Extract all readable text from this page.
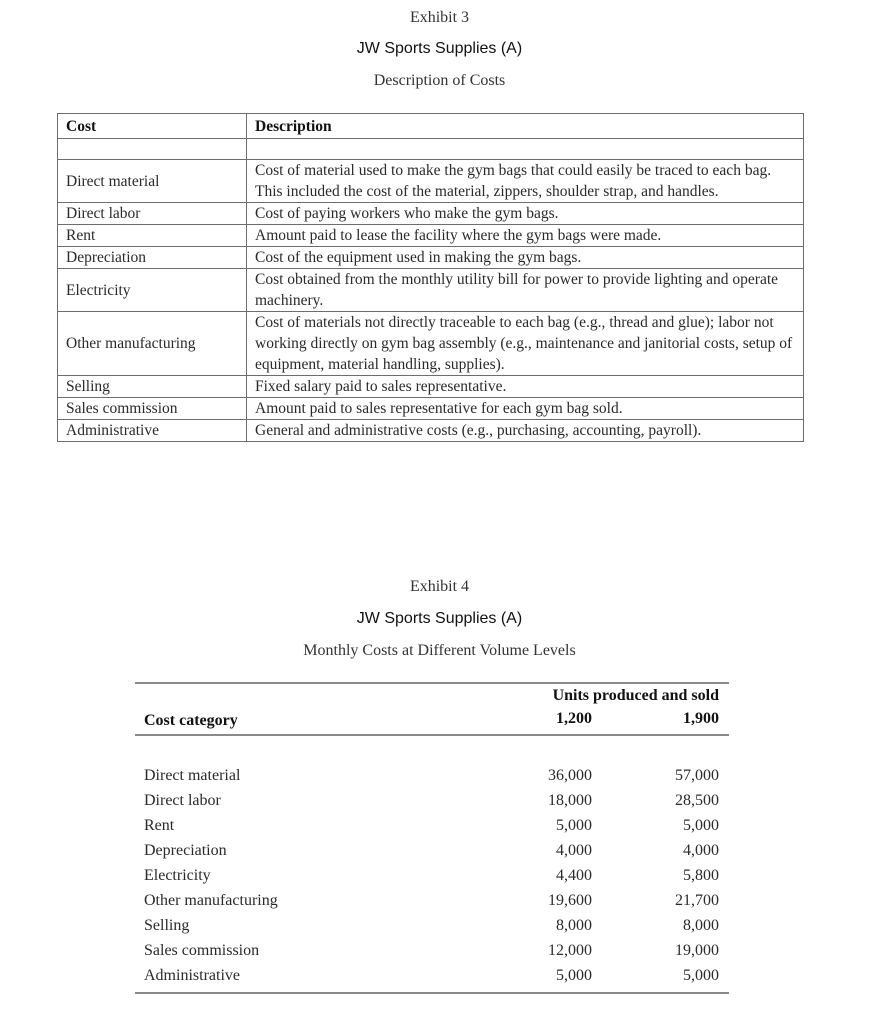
Exhibit 3
JW Sports Supplies (A)
Description of Costs
Cost	Description

Direct material	Cost of material used to make the gym bags that could easily be traced to each bag. This included the cost of the material, zippers, shoulder strap, and handles.
Direct labor	Cost of paying workers who make the gym bags.
Rent	Amount paid to lease the facility where the gym bags were made.
Depreciation	Cost of the equipment used in making the gym bags.
Electricity	Cost obtained from the monthly utility bill for power to provide lighting and operate machinery.
Other manufacturing	Cost of materials not directly traceable to each bag (e.g., thread and glue); labor not working directly on gym bag assembly (e.g., maintenance and janitorial costs, setup of equipment, material handling, supplies).
Selling	Fixed salary paid to sales representative.
Sales commission	Amount paid to sales representative for each gym bag sold.
Administrative	General and administrative costs (e.g., purchasing, accounting, payroll).
Exhibit 4
JW Sports Supplies (A)
Monthly Costs at Different Volume Levels
Units produced and sold
Cost category	1,200	1,900
Direct material	36,000	57,000
Direct labor	18,000	28,500
Rent	5,000	5,000
Depreciation	4,000	4,000
Electricity	4,400	5,800
Other manufacturing	19,600	21,700
Selling	8,000	8,000
Sales commission	12,000	19,000
Administrative	5,000	5,000
